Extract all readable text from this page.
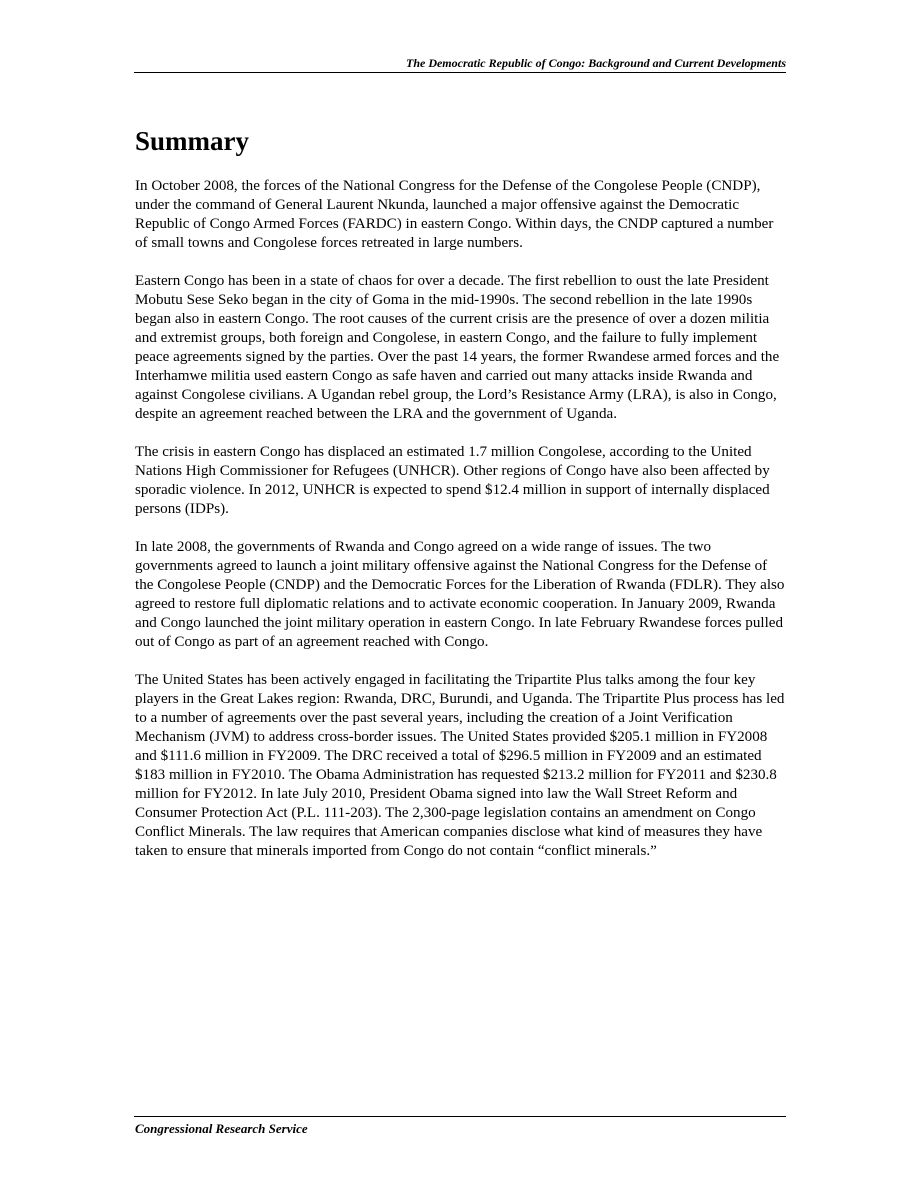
The Democratic Republic of Congo: Background and Current Developments
Summary

In October 2008, the forces of the National Congress for the Defense of the Congolese People (CNDP), under the command of General Laurent Nkunda, launched a major offensive against the Democratic Republic of Congo Armed Forces (FARDC) in eastern Congo. Within days, the CNDP captured a number of small towns and Congolese forces retreated in large numbers.

Eastern Congo has been in a state of chaos for over a decade. The first rebellion to oust the late President Mobutu Sese Seko began in the city of Goma in the mid-1990s. The second rebellion in the late 1990s began also in eastern Congo. The root causes of the current crisis are the presence of over a dozen militia and extremist groups, both foreign and Congolese, in eastern Congo, and the failure to fully implement peace agreements signed by the parties. Over the past 14 years, the former Rwandese armed forces and the Interhamwe militia used eastern Congo as safe haven and carried out many attacks inside Rwanda and against Congolese civilians. A Ugandan rebel group, the Lord’s Resistance Army (LRA), is also in Congo, despite an agreement reached between the LRA and the government of Uganda.

The crisis in eastern Congo has displaced an estimated 1.7 million Congolese, according to the United Nations High Commissioner for Refugees (UNHCR). Other regions of Congo have also been affected by sporadic violence. In 2012, UNHCR is expected to spend $12.4 million in support of internally displaced persons (IDPs).

In late 2008, the governments of Rwanda and Congo agreed on a wide range of issues. The two governments agreed to launch a joint military offensive against the National Congress for the Defense of the Congolese People (CNDP) and the Democratic Forces for the Liberation of Rwanda (FDLR). They also agreed to restore full diplomatic relations and to activate economic cooperation. In January 2009, Rwanda and Congo launched the joint military operation in eastern Congo. In late February Rwandese forces pulled out of Congo as part of an agreement reached with Congo.

The United States has been actively engaged in facilitating the Tripartite Plus talks among the four key players in the Great Lakes region: Rwanda, DRC, Burundi, and Uganda. The Tripartite Plus process has led to a number of agreements over the past several years, including the creation of a Joint Verification Mechanism (JVM) to address cross-border issues. The United States provided $205.1 million in FY2008 and $111.6 million in FY2009. The DRC received a total of $296.5 million in FY2009 and an estimated $183 million in FY2010. The Obama Administration has requested $213.2 million for FY2011 and $230.8 million for FY2012. In late July 2010, President Obama signed into law the Wall Street Reform and Consumer Protection Act (P.L. 111-203). The 2,300-page legislation contains an amendment on Congo Conflict Minerals. The law requires that American companies disclose what kind of measures they have taken to ensure that minerals imported from Congo do not contain “conflict minerals.”

Congressional Research Service
